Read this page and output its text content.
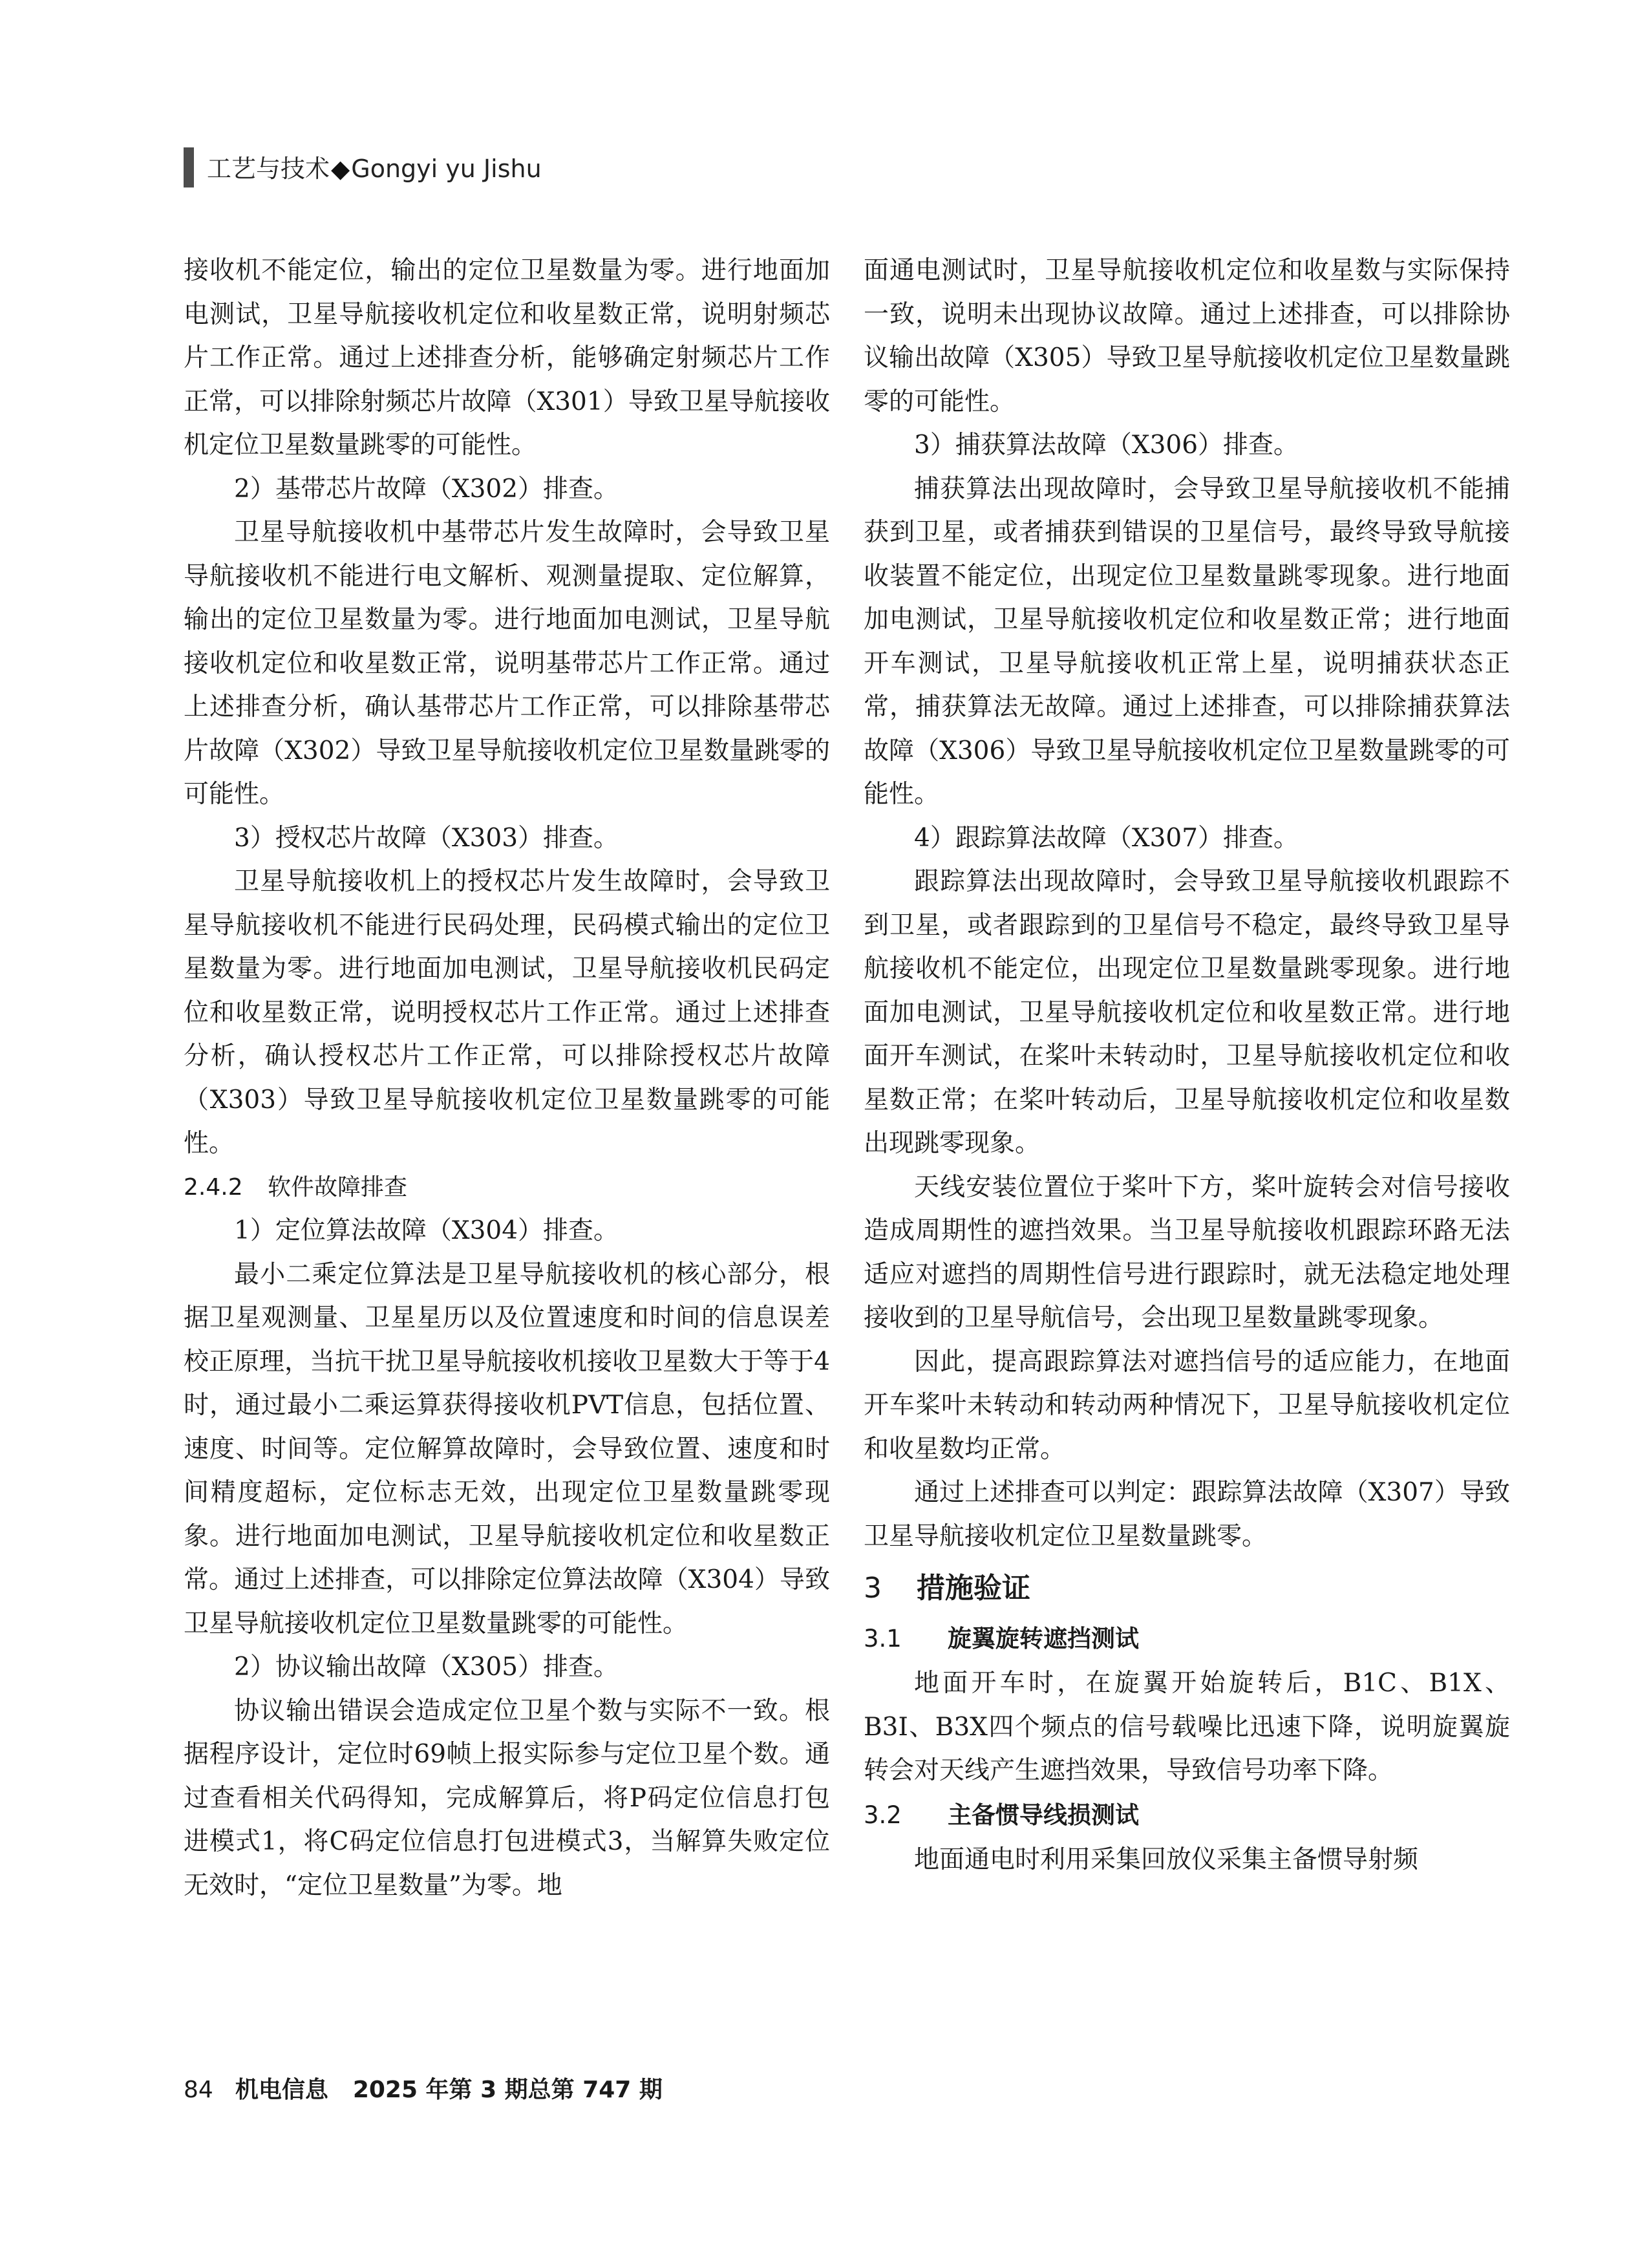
工艺与技术◆Gongyi yu Jishu

接收机不能定位，输出的定位卫星数量为零。进行地面加电测试，卫星导航接收机定位和收星数正常，说明射频芯片工作正常。通过上述排查分析，能够确定射频芯片工作正常，可以排除射频芯片故障（X301）导致卫星导航接收机定位卫星数量跳零的可能性。

2）基带芯片故障（X302）排查。

卫星导航接收机中基带芯片发生故障时，会导致卫星导航接收机不能进行电文解析、观测量提取、定位解算，输出的定位卫星数量为零。进行地面加电测试，卫星导航接收机定位和收星数正常，说明基带芯片工作正常。通过上述排查分析，确认基带芯片工作正常，可以排除基带芯片故障（X302）导致卫星导航接收机定位卫星数量跳零的可能性。

3）授权芯片故障（X303）排查。

卫星导航接收机上的授权芯片发生故障时，会导致卫星导航接收机不能进行民码处理，民码模式输出的定位卫星数量为零。进行地面加电测试，卫星导航接收机民码定位和收星数正常，说明授权芯片工作正常。通过上述排查分析，确认授权芯片工作正常，可以排除授权芯片故障（X303）导致卫星导航接收机定位卫星数量跳零的可能性。

2.4.2 软件故障排查

1）定位算法故障（X304）排查。

最小二乘定位算法是卫星导航接收机的核心部分，根据卫星观测量、卫星星历以及位置速度和时间的信息误差校正原理，当抗干扰卫星导航接收机接收卫星数大于等于4时，通过最小二乘运算获得接收机PVT信息，包括位置、速度、时间等。定位解算故障时，会导致位置、速度和时间精度超标，定位标志无效，出现定位卫星数量跳零现象。进行地面加电测试，卫星导航接收机定位和收星数正常。通过上述排查，可以排除定位算法故障（X304）导致卫星导航接收机定位卫星数量跳零的可能性。

2）协议输出故障（X305）排查。

协议输出错误会造成定位卫星个数与实际不一致。根据程序设计，定位时69帧上报实际参与定位卫星个数。通过查看相关代码得知，完成解算后，将P码定位信息打包进模式1，将C码定位信息打包进模式3，当解算失败定位无效时，“定位卫星数量”为零。地

面通电测试时，卫星导航接收机定位和收星数与实际保持一致，说明未出现协议故障。通过上述排查，可以排除协议输出故障（X305）导致卫星导航接收机定位卫星数量跳零的可能性。

3）捕获算法故障（X306）排查。

捕获算法出现故障时，会导致卫星导航接收机不能捕获到卫星，或者捕获到错误的卫星信号，最终导致导航接收装置不能定位，出现定位卫星数量跳零现象。进行地面加电测试，卫星导航接收机定位和收星数正常；进行地面开车测试，卫星导航接收机正常上星，说明捕获状态正常，捕获算法无故障。通过上述排查，可以排除捕获算法故障（X306）导致卫星导航接收机定位卫星数量跳零的可能性。

4）跟踪算法故障（X307）排查。

跟踪算法出现故障时，会导致卫星导航接收机跟踪不到卫星，或者跟踪到的卫星信号不稳定，最终导致卫星导航接收机不能定位，出现定位卫星数量跳零现象。进行地面加电测试，卫星导航接收机定位和收星数正常。进行地面开车测试，在桨叶未转动时，卫星导航接收机定位和收星数正常；在桨叶转动后，卫星导航接收机定位和收星数出现跳零现象。

天线安装位置位于桨叶下方，桨叶旋转会对信号接收造成周期性的遮挡效果。当卫星导航接收机跟踪环路无法适应对遮挡的周期性信号进行跟踪时，就无法稳定地处理接收到的卫星导航信号，会出现卫星数量跳零现象。

因此，提高跟踪算法对遮挡信号的适应能力，在地面开车桨叶未转动和转动两种情况下，卫星导航接收机定位和收星数均正常。

通过上述排查可以判定：跟踪算法故障（X307）导致卫星导航接收机定位卫星数量跳零。

3 措施验证
3.1 旋翼旋转遮挡测试

地面开车时，在旋翼开始旋转后，B1C、B1X、B3I、B3X四个频点的信号载噪比迅速下降，说明旋翼旋转会对天线产生遮挡效果，导致信号功率下降。

3.2 主备惯导线损测试

地面通电时利用采集回放仪采集主备惯导射频

84 机电信息 2025 年第 3 期总第 747 期
